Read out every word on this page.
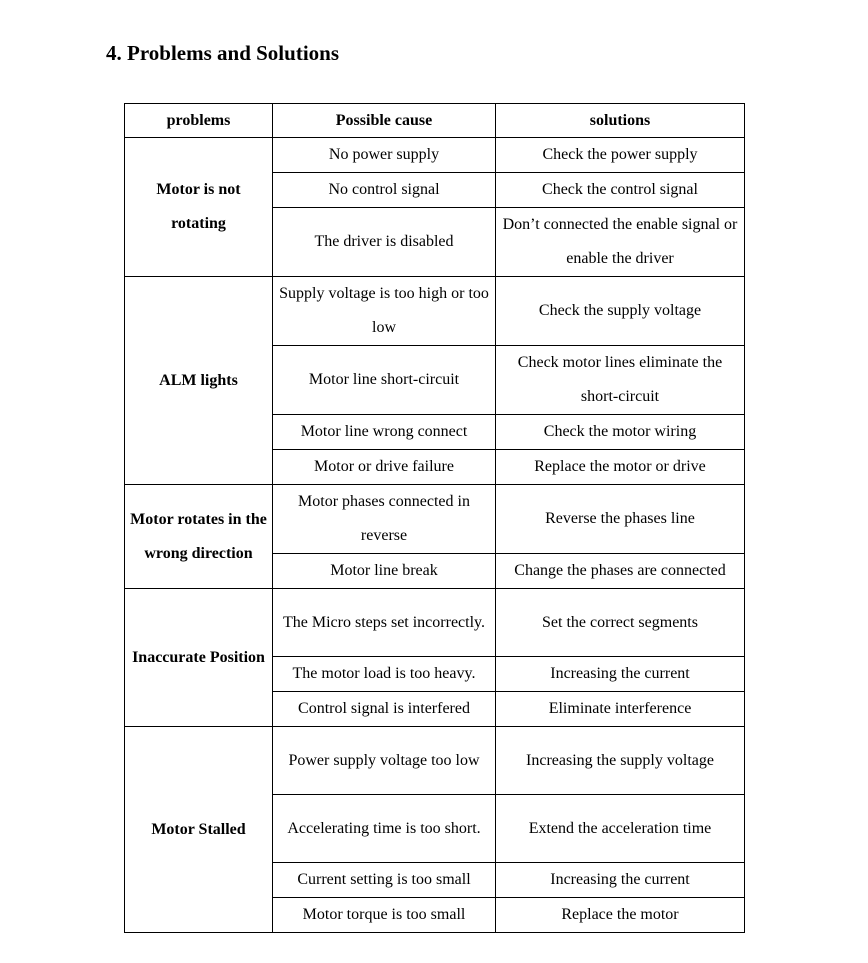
4. Problems and Solutions
problems	Possible cause	solutions
Motor is not rotating	No power supply	Check the power supply
	No control signal	Check the control signal
	The driver is disabled	Don’t connected the enable signal or enable the driver
ALM lights	Supply voltage is too high or too low	Check the supply voltage
	Motor line short-circuit	Check motor lines eliminate the short-circuit
	Motor line wrong connect	Check the motor wiring
	Motor or drive failure	Replace the motor or drive
Motor rotates in the wrong direction	Motor phases connected in reverse	Reverse the phases line
	Motor line break	Change the phases are connected
Inaccurate Position	The Micro steps set incorrectly.	Set the correct segments
	The motor load is too heavy.	Increasing the current
	Control signal is interfered	Eliminate interference
Motor Stalled	Power supply voltage too low	Increasing the supply voltage
	Accelerating time is too short.	Extend the acceleration time
	Current setting is too small	Increasing the current
	Motor torque is too small	Replace the motor
